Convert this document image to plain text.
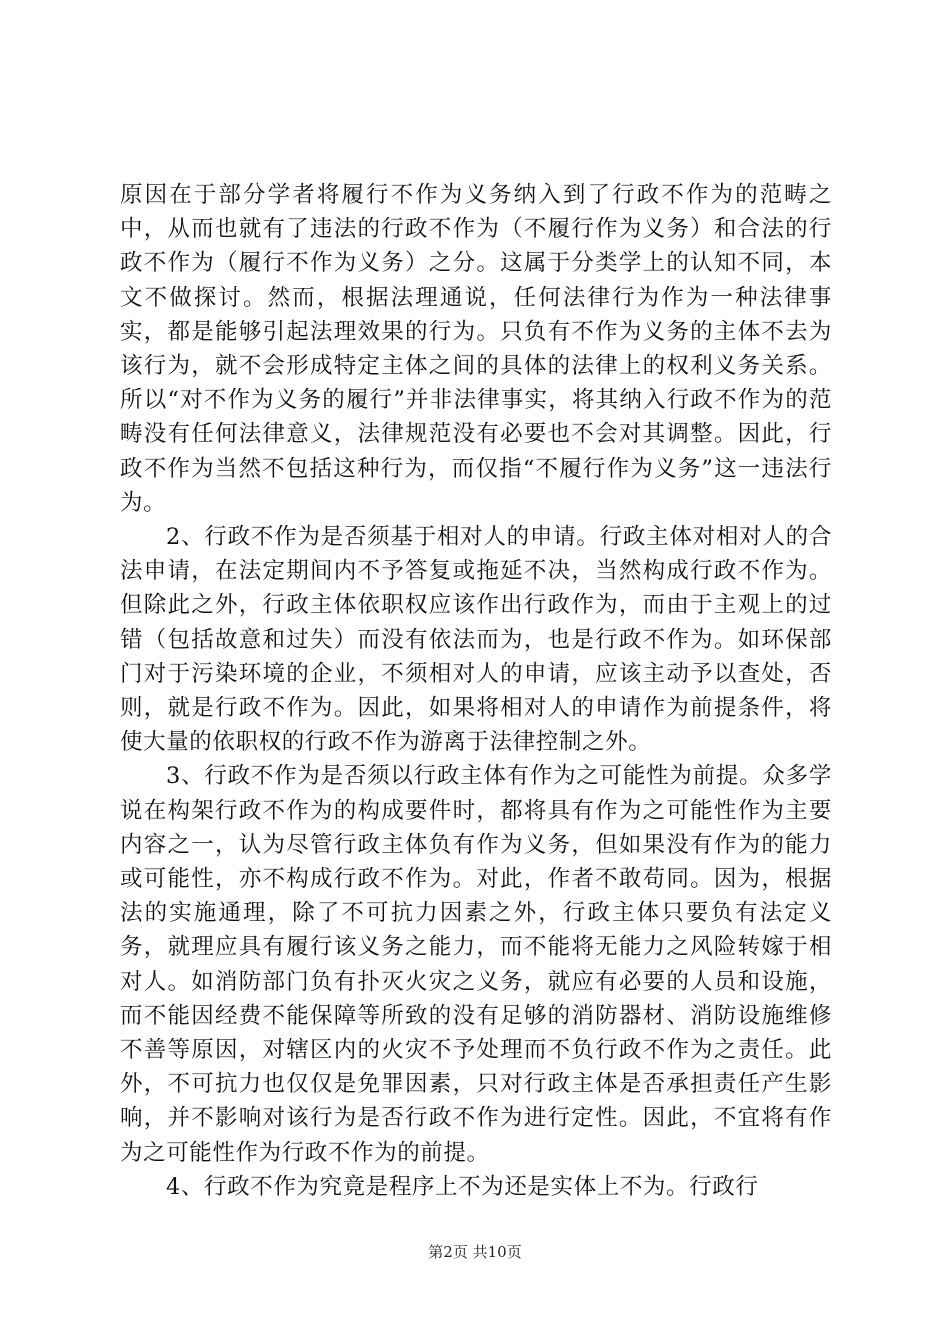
原因在于部分学者将履行不作为义务纳入到了行政不作为的范畴之中，从而也就有了违法的行政不作为（不履行作为义务）和合法的行政不作为（履行不作为义务）之分。这属于分类学上的认知不同，本文不做探讨。然而，根据法理通说，任何法律行为作为一种法律事实，都是能够引起法理效果的行为。只负有不作为义务的主体不去为该行为，就不会形成特定主体之间的具体的法律上的权利义务关系。所以“对不作为义务的履行”并非法律事实，将其纳入行政不作为的范畴没有任何法律意义，法律规范没有必要也不会对其调整。因此，行政不作为当然不包括这种行为，而仅指“不履行作为义务”这一违法行为。

2、行政不作为是否须基于相对人的申请。行政主体对相对人的合法申请，在法定期间内不予答复或拖延不决，当然构成行政不作为。但除此之外，行政主体依职权应该作出行政作为，而由于主观上的过错（包括故意和过失）而没有依法而为，也是行政不作为。如环保部门对于污染环境的企业，不须相对人的申请，应该主动予以查处，否则，就是行政不作为。因此，如果将相对人的申请作为前提条件，将使大量的依职权的行政不作为游离于法律控制之外。

3、行政不作为是否须以行政主体有作为之可能性为前提。众多学说在构架行政不作为的构成要件时，都将具有作为之可能性作为主要内容之一，认为尽管行政主体负有作为义务，但如果没有作为的能力或可能性，亦不构成行政不作为。对此，作者不敢苟同。因为，根据法的实施通理，除了不可抗力因素之外，行政主体只要负有法定义务，就理应具有履行该义务之能力，而不能将无能力之风险转嫁于相对人。如消防部门负有扑灭火灾之义务，就应有必要的人员和设施，而不能因经费不能保障等所致的没有足够的消防器材、消防设施维修不善等原因，对辖区内的火灾不予处理而不负行政不作为之责任。此外，不可抗力也仅仅是免罪因素，只对行政主体是否承担责任产生影响，并不影响对该行为是否行政不作为进行定性。因此，不宜将有作为之可能性作为行政不作为的前提。

4、行政不作为究竟是程序上不为还是实体上不为。行政行

第2页 共10页
